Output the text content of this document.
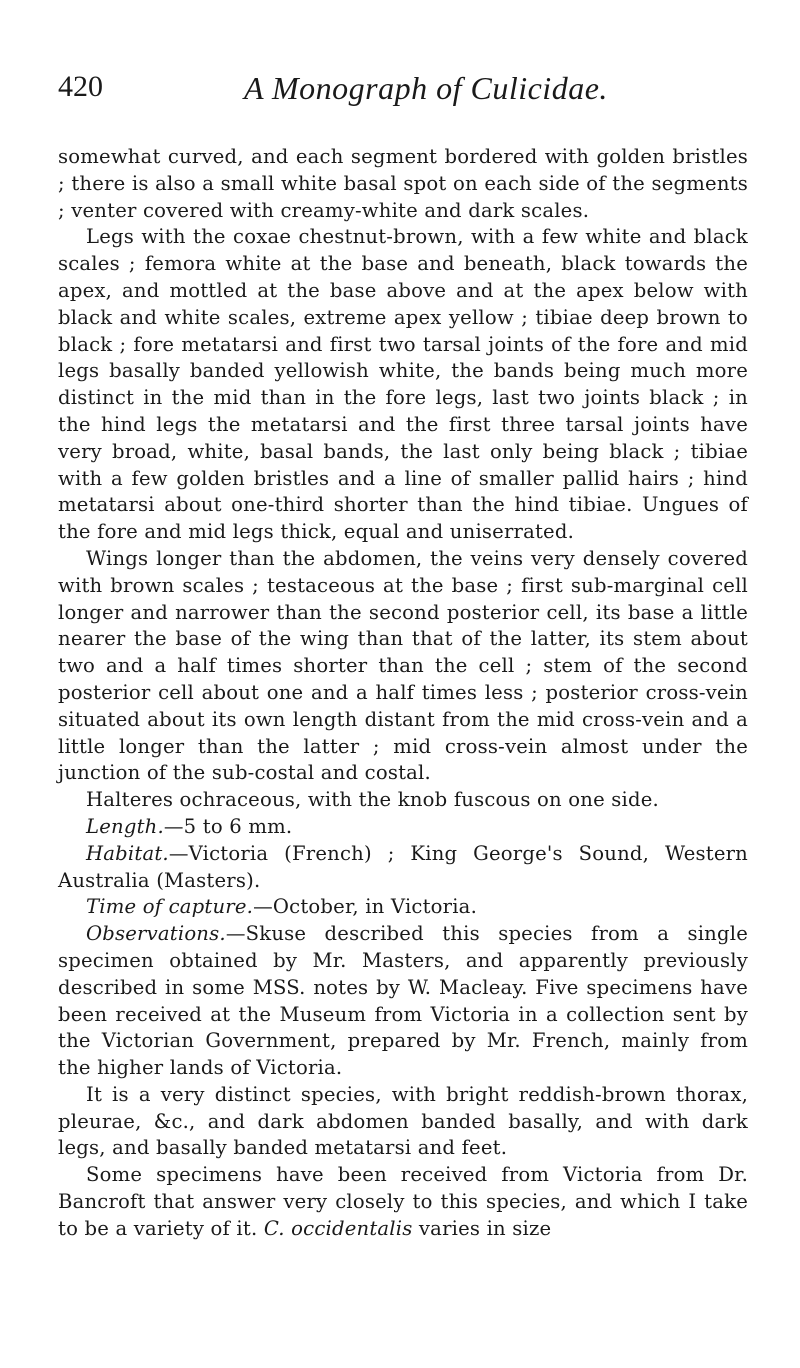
420	A Monograph of Culicidae.

somewhat curved, and each segment bordered with golden bristles ; there is also a small white basal spot on each side of the segments ; venter covered with creamy-white and dark scales.

Legs with the coxae chestnut-brown, with a few white and black scales ; femora white at the base and beneath, black towards the apex, and mottled at the base above and at the apex below with black and white scales, extreme apex yellow ; tibiae deep brown to black ; fore metatarsi and first two tarsal joints of the fore and mid legs basally banded yellowish white, the bands being much more distinct in the mid than in the fore legs, last two joints black ; in the hind legs the metatarsi and the first three tarsal joints have very broad, white, basal bands, the last only being black ; tibiae with a few golden bristles and a line of smaller pallid hairs ; hind metatarsi about one-third shorter than the hind tibiae. Ungues of the fore and mid legs thick, equal and uniserrated.

Wings longer than the abdomen, the veins very densely covered with brown scales ; testaceous at the base ; first sub-marginal cell longer and narrower than the second posterior cell, its base a little nearer the base of the wing than that of the latter, its stem about two and a half times shorter than the cell ; stem of the second posterior cell about one and a half times less ; posterior cross-vein situated about its own length distant from the mid cross-vein and a little longer than the latter ; mid cross-vein almost under the junction of the sub-costal and costal.

Halteres ochraceous, with the knob fuscous on one side.

Length.—5 to 6 mm.

Habitat.—Victoria (French) ; King George's Sound, Western Australia (Masters).

Time of capture.—October, in Victoria.

Observations.—Skuse described this species from a single specimen obtained by Mr. Masters, and apparently previously described in some MSS. notes by W. Macleay. Five specimens have been received at the Museum from Victoria in a collection sent by the Victorian Government, prepared by Mr. French, mainly from the higher lands of Victoria.

It is a very distinct species, with bright reddish-brown thorax, pleurae, &c., and dark abdomen banded basally, and with dark legs, and basally banded metatarsi and feet.

Some specimens have been received from Victoria from Dr. Bancroft that answer very closely to this species, and which I take to be a variety of it. C. occidentalis varies in size
